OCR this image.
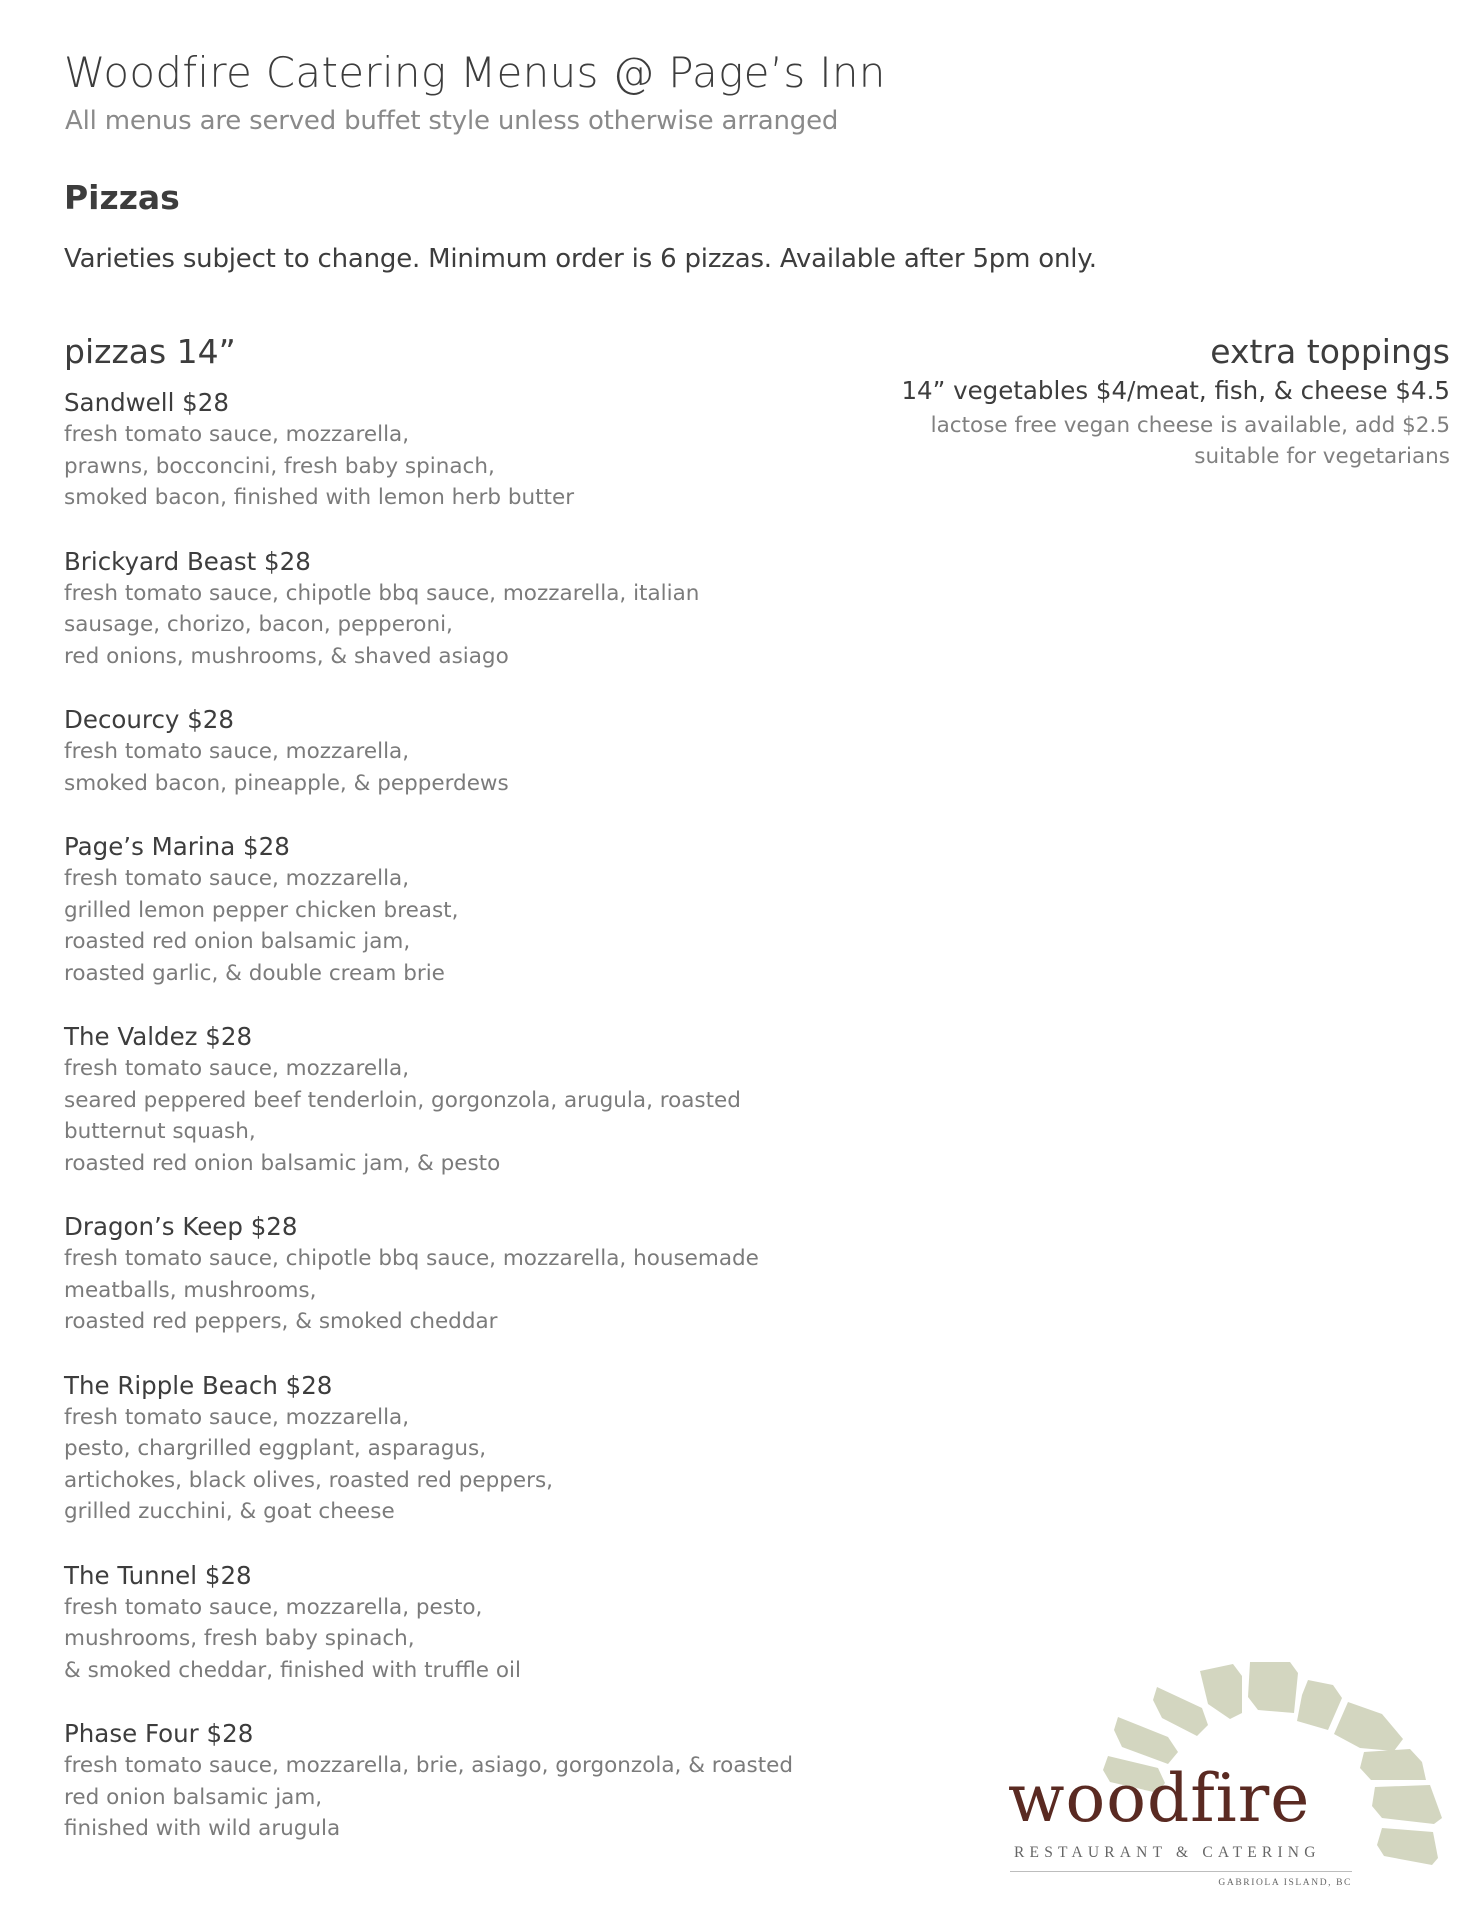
Woodfire Catering Menus @ Page’s Inn
All menus are served buffet style unless otherwise arranged
Pizzas
Varieties subject to change. Minimum order is 6 pizzas. Available after 5pm only.
pizzas 14”
Sandwell $28
fresh tomato sauce, mozzarella,
prawns, bocconcini, fresh baby spinach,
smoked bacon, finished with lemon herb butter
Brickyard Beast $28
fresh tomato sauce, chipotle bbq sauce, mozzarella, italian
sausage, chorizo, bacon, pepperoni,
red onions, mushrooms, & shaved asiago
Decourcy $28
fresh tomato sauce, mozzarella,
smoked bacon, pineapple, & pepperdews
Page’s Marina $28
fresh tomato sauce, mozzarella,
grilled lemon pepper chicken breast,
roasted red onion balsamic jam,
roasted garlic, & double cream brie
The Valdez $28
fresh tomato sauce, mozzarella,
seared peppered beef tenderloin, gorgonzola, arugula, roasted
butternut squash,
roasted red onion balsamic jam, & pesto
Dragon’s Keep $28
fresh tomato sauce, chipotle bbq sauce, mozzarella, housemade
meatballs, mushrooms,
roasted red peppers, & smoked cheddar
The Ripple Beach $28
fresh tomato sauce, mozzarella,
pesto, chargrilled eggplant, asparagus,
artichokes, black olives, roasted red peppers,
grilled zucchini, & goat cheese
The Tunnel $28
fresh tomato sauce, mozzarella, pesto,
mushrooms, fresh baby spinach,
& smoked cheddar, finished with truffle oil
Phase Four $28
fresh tomato sauce, mozzarella, brie, asiago, gorgonzola, & roasted
red onion balsamic jam,
finished with wild arugula
extra toppings
14” vegetables $4/meat, fish, & cheese $4.5
lactose free vegan cheese is available, add $2.5
suitable for vegetarians
woodfire
RESTAURANT & CATERING
GABRIOLA ISLAND, BC
